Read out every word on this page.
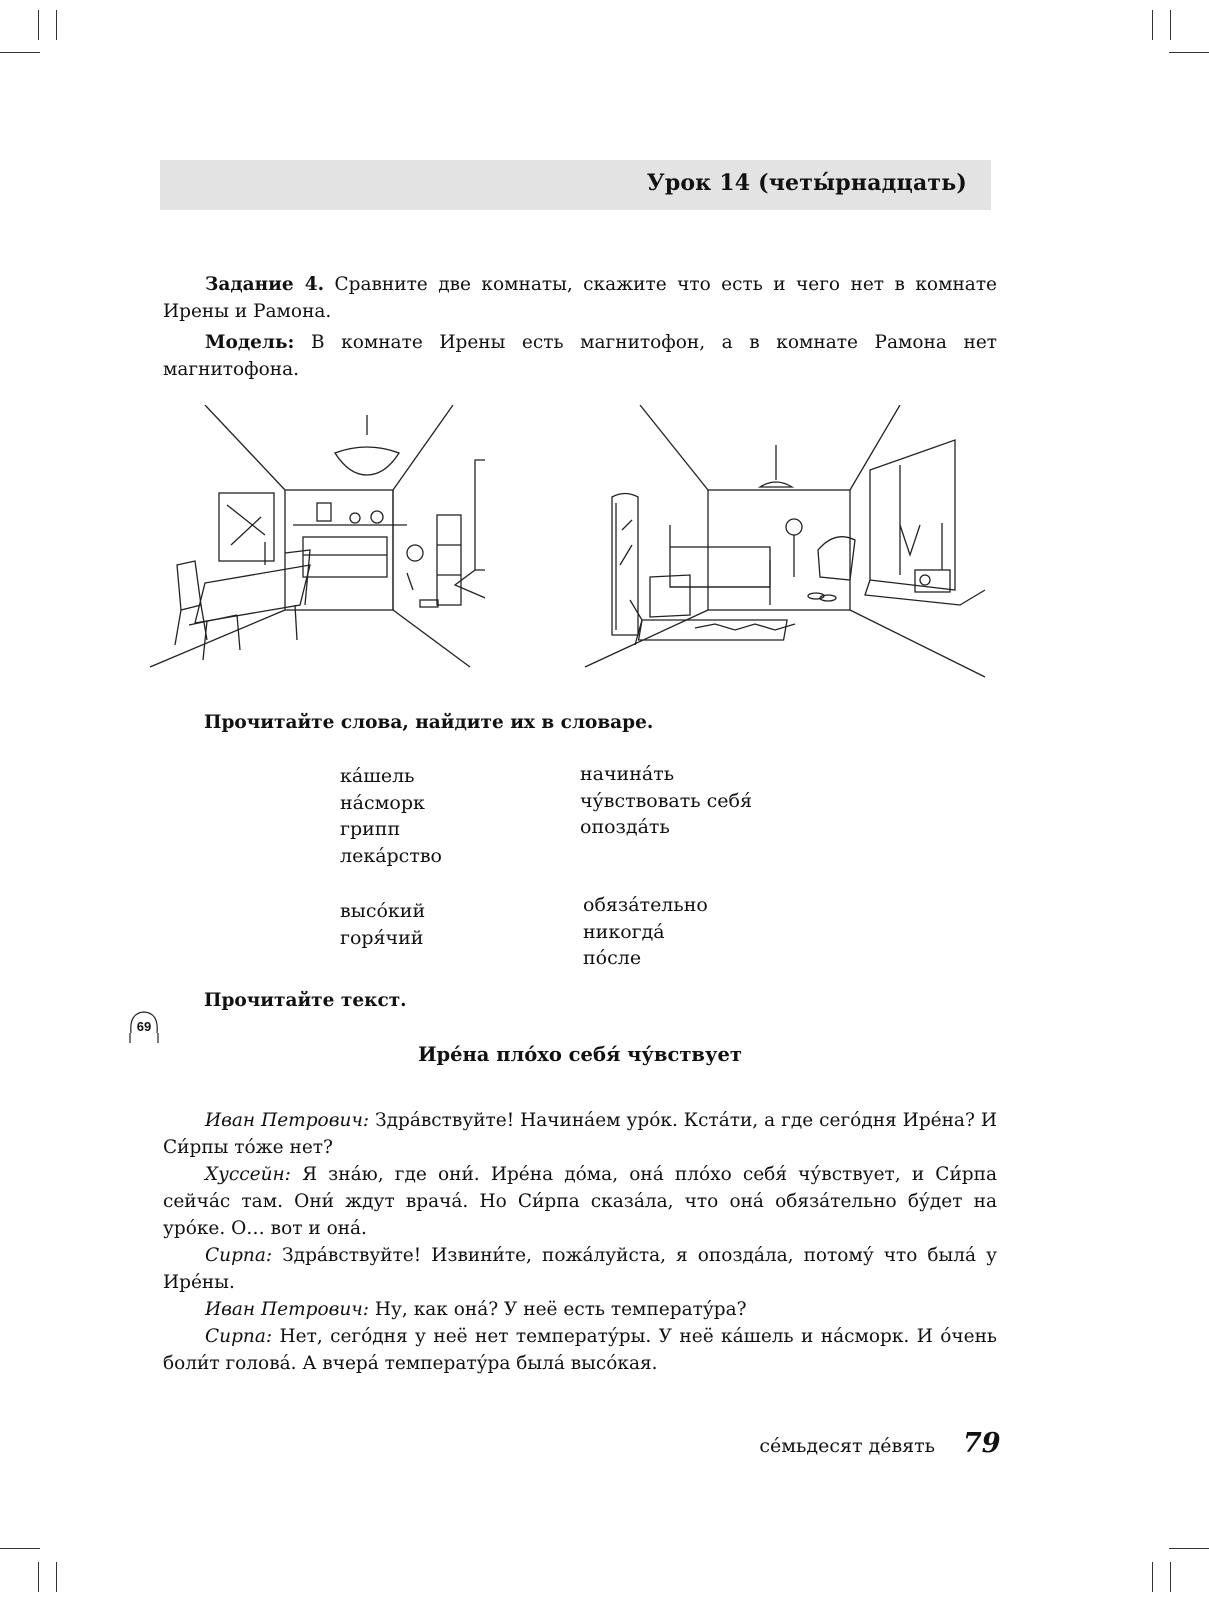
Урок 14 (четы́рнадцать)
Задание 4. Сравните две комнаты, скажите что есть и чего нет в комнате Ирены и Рамона.
Модель: В комнате Ирены есть магнитофон, а в комнате Рамона нет магнитофона.
Прочитайте слова, найдите их в словаре.
ка́шель
на́сморк
грипп
лека́рство
начина́ть
чу́вствовать себя́
опозда́ть
высо́кий
горя́чий
обяза́тельно
никогда́
по́сле
69
Прочитайте текст.
Ире́на пло́хо себя́ чу́вствует

Иван Петрович: Здра́вствуйте! Начина́ем уро́к. Кста́ти, а где сего́дня Ире́на? И Си́рпы то́же нет?

Хуссейн: Я зна́ю, где они́. Ире́на до́ма, она́ пло́хо себя́ чу́вствует, и Си́рпа сейча́с там. Они́ ждут врача́. Но Си́рпа сказа́ла, что она́ обяза́тельно бу́дет на уро́ке. О… вот и она́.

Сирпа: Здра́вствуйте! Извини́те, пожа́луйста, я опозда́ла, потому́ что была́ у Ире́ны.

Иван Петрович: Ну, как она́? У неё есть температу́ра?

Сирпа: Нет, сего́дня у неё нет температу́ры. У неё ка́шель и на́сморк. И о́чень боли́т голова́. А вчера́ температу́ра была́ высо́кая.

се́мьдесят де́вять 79
